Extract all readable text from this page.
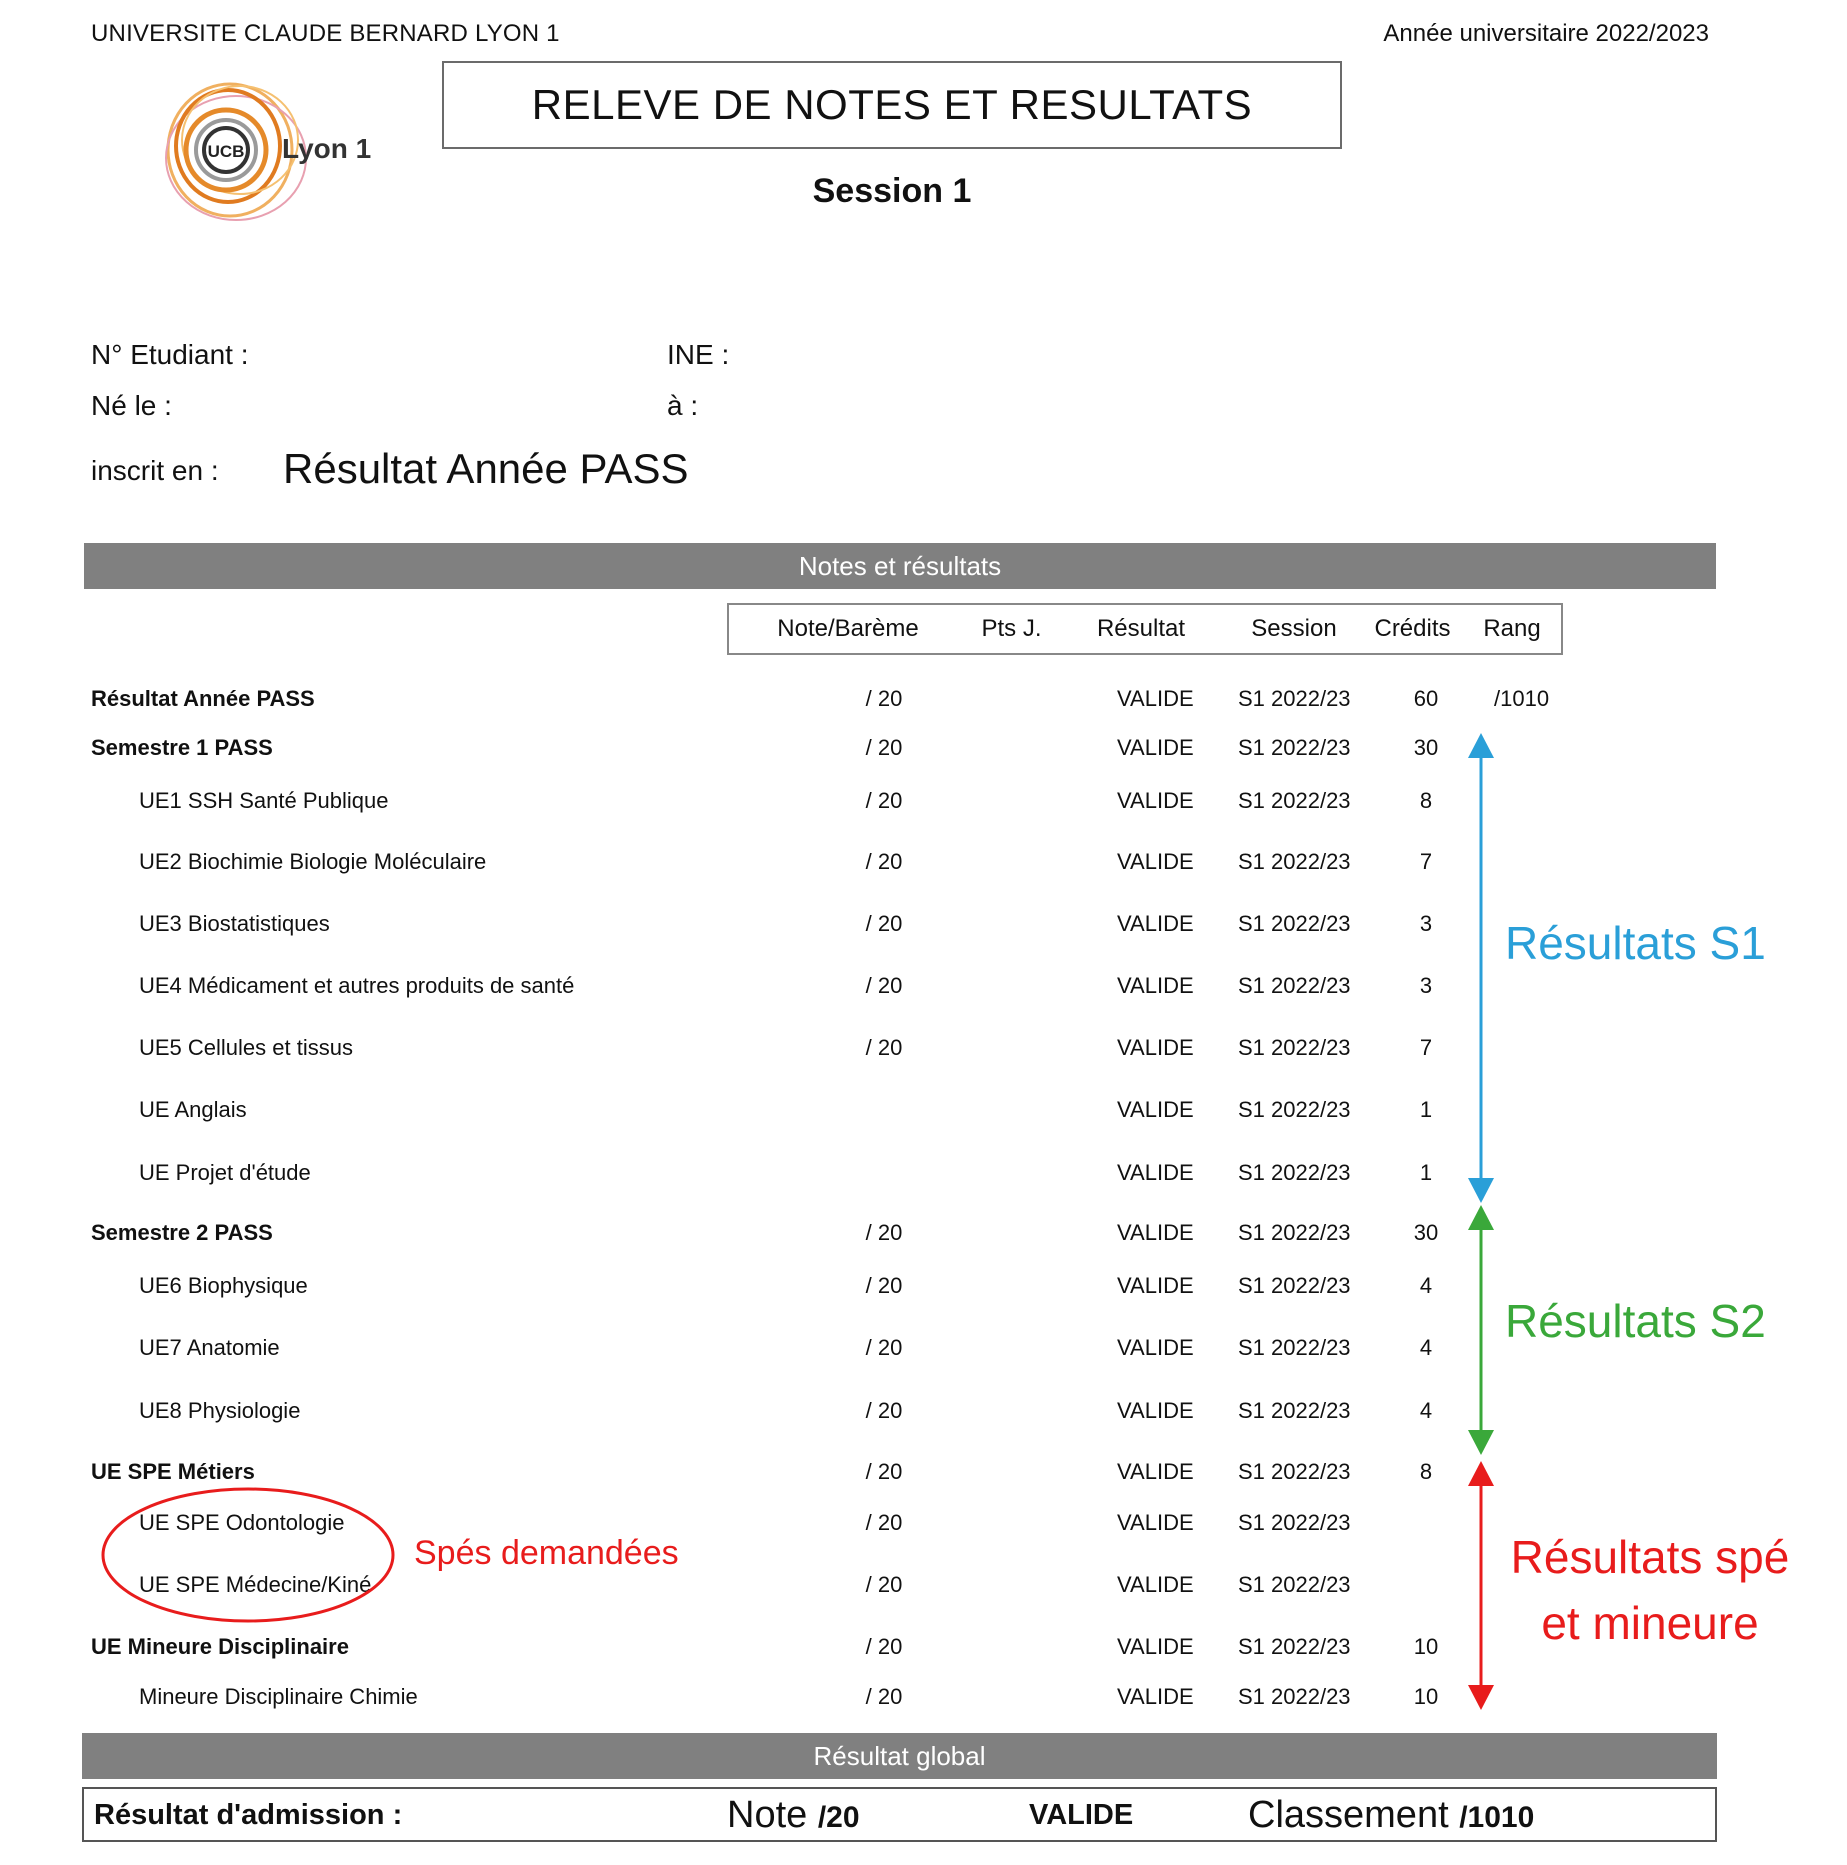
UNIVERSITE CLAUDE BERNARD LYON 1	Année universitaire 2022/2023
UCB Lyon 1
RELEVE DE NOTES ET RESULTATS
Session 1
N° Etudiant :	INE :
Né le :	à :
inscrit en : Résultat Année PASS
Notes et résultats
Note/Barème	Pts J.	Résultat	Session	Crédits	Rang
Résultat Année PASS	/ 20	VALIDE S1 2022/23	60	/1010
Semestre 1 PASS	/ 20	VALIDE S1 2022/23	30
UE1 SSH Santé Publique	/ 20	VALIDE S1 2022/23	8
UE2 Biochimie Biologie Moléculaire	/ 20	VALIDE S1 2022/23	7
UE3 Biostatistiques	/ 20	VALIDE S1 2022/23	3
UE4 Médicament et autres produits de santé	/ 20	VALIDE S1 2022/23	3
UE5 Cellules et tissus	/ 20	VALIDE S1 2022/23	7
UE Anglais	VALIDE S1 2022/23	1
UE Projet d'étude	VALIDE S1 2022/23	1
Semestre 2 PASS	/ 20	VALIDE S1 2022/23	30
UE6 Biophysique	/ 20	VALIDE S1 2022/23	4
UE7 Anatomie	/ 20	VALIDE S1 2022/23	4
UE8 Physiologie	/ 20	VALIDE S1 2022/23	4
UE SPE Métiers	/ 20	VALIDE S1 2022/23	8
UE SPE Odontologie	/ 20	VALIDE S1 2022/23
UE SPE Médecine/Kiné	/ 20	VALIDE S1 2022/23
UE Mineure Disciplinaire	/ 20	VALIDE S1 2022/23	10
Mineure Disciplinaire Chimie	/ 20	VALIDE S1 2022/23	10
Résultats S1
Résultats S2
Résultats spé
et mineure
Spés demandées
Résultat global
Résultat d'admission :	Note /20	VALIDE	Classement /1010
